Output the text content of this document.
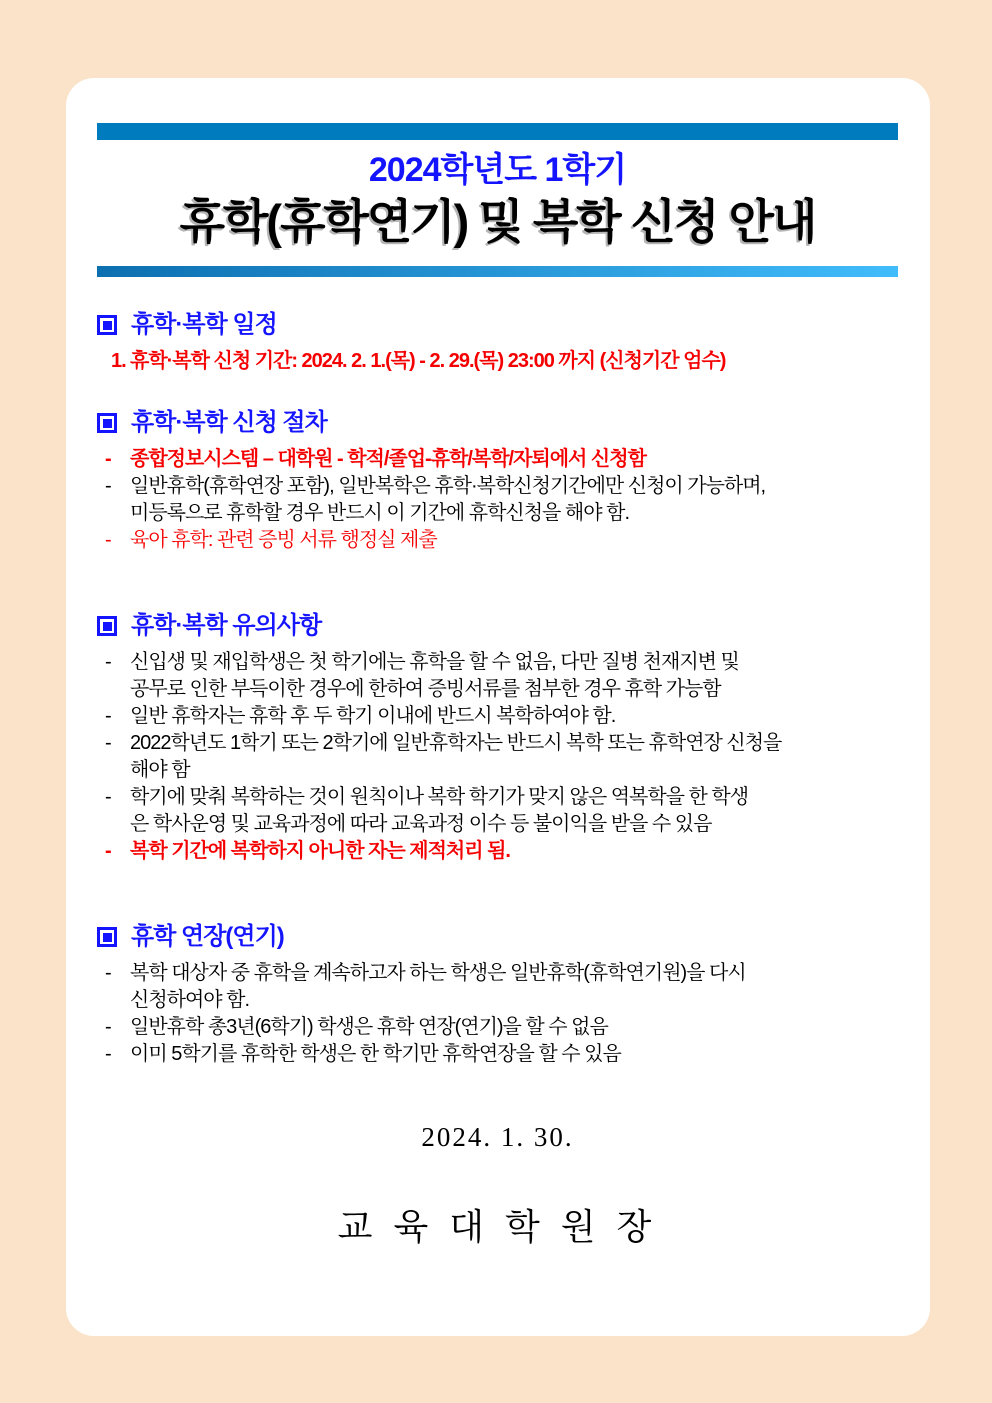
2024학년도 1학기
휴학(휴학연기) 및 복학 신청 안내
휴학·복학 일정
1. 휴학·복학 신청 기간: 2024. 2. 1.(목) - 2. 29.(목) 23:00 까지 (신청기간 엄수)
휴학·복학 신청 절차
- 종합정보시스템 – 대학원 - 학적/졸업-휴학/복학/자퇴에서 신청함
- 일반휴학(휴학연장 포함), 일반복학은 휴학·복학신청기간에만 신청이 가능하며,
미등록으로 휴학할 경우 반드시 이 기간에 휴학신청을 해야 함.
- 육아 휴학: 관련 증빙 서류 행정실 제출
휴학·복학 유의사항
- 신입생 및 재입학생은 첫 학기에는 휴학을 할 수 없음, 다만 질병 천재지변 및
공무로 인한 부득이한 경우에 한하여 증빙서류를 첨부한 경우 휴학 가능함
- 일반 휴학자는 휴학 후 두 학기 이내에 반드시 복학하여야 함.
- 2022학년도 1학기 또는 2학기에 일반휴학자는 반드시 복학 또는 휴학연장 신청을
해야 함
- 학기에 맞춰 복학하는 것이 원칙이나 복학 학기가 맞지 않은 역복학을 한 학생
은 학사운영 및 교육과정에 따라 교육과정 이수 등 불이익을 받을 수 있음
- 복학 기간에 복학하지 아니한 자는 제적처리 됨.
휴학 연장(연기)
- 복학 대상자 중 휴학을 계속하고자 하는 학생은 일반휴학(휴학연기원)을 다시
신청하여야 함.
- 일반휴학 총3년(6학기) 학생은 휴학 연장(연기)을 할 수 없음
- 이미 5학기를 휴학한 학생은 한 학기만 휴학연장을 할 수 있음
2024. 1. 30.
교 육 대 학 원 장
